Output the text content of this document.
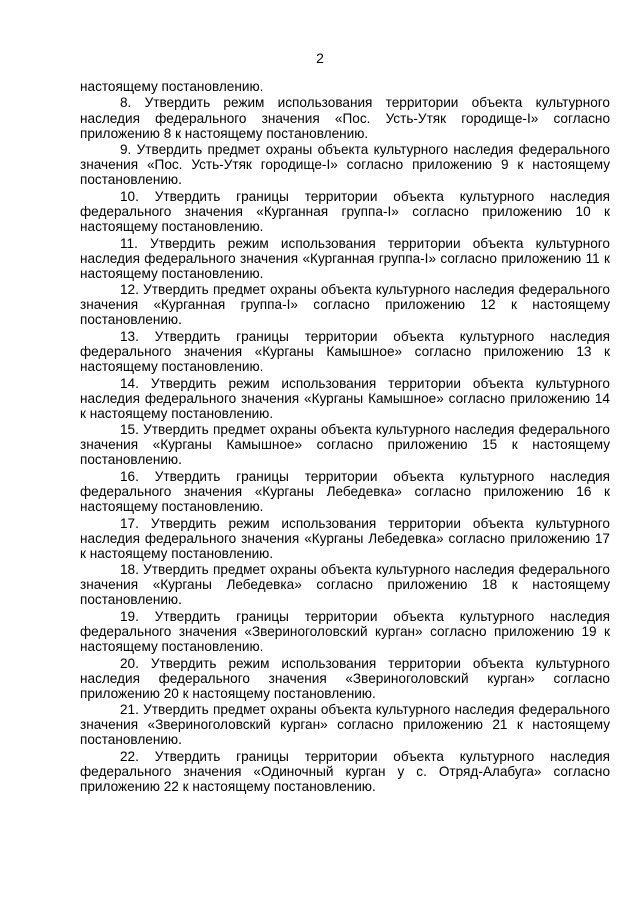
2

настоящему постановлению.

8. Утвердить режим использования территории объекта культурного наследия федерального значения «Пос. Усть-Утяк городище-I» согласно приложению 8 к настоящему постановлению.

9. Утвердить предмет охраны объекта культурного наследия федерального значения «Пос. Усть-Утяк городище-I» согласно приложению 9 к настоящему постановлению.

10. Утвердить границы территории объекта культурного наследия федерального значения «Курганная группа-I» согласно приложению 10 к настоящему постановлению.

11. Утвердить режим использования территории объекта культурного наследия федерального значения «Курганная группа-I» согласно приложению 11 к настоящему постановлению.

12. Утвердить предмет охраны объекта культурного наследия федерального значения «Курганная группа-I» согласно приложению 12 к настоящему постановлению.

13. Утвердить границы территории объекта культурного наследия федерального значения «Курганы Камышное» согласно приложению 13 к настоящему постановлению.

14. Утвердить режим использования территории объекта культурного наследия федерального значения «Курганы Камышное» согласно приложению 14 к настоящему постановлению.

15. Утвердить предмет охраны объекта культурного наследия федерального значения «Курганы Камышное» согласно приложению 15 к настоящему постановлению.

16. Утвердить границы территории объекта культурного наследия федерального значения «Курганы Лебедевка» согласно приложению 16 к настоящему постановлению.

17. Утвердить режим использования территории объекта культурного наследия федерального значения «Курганы Лебедевка» согласно приложению 17 к настоящему постановлению.

18. Утвердить предмет охраны объекта культурного наследия федерального значения «Курганы Лебедевка» согласно приложению 18 к настоящему постановлению.

19. Утвердить границы территории объекта культурного наследия федерального значения «Звериноголовский курган» согласно приложению 19 к настоящему постановлению.

20. Утвердить режим использования территории объекта культурного наследия федерального значения «Звериноголовский курган» согласно приложению 20 к настоящему постановлению.

21. Утвердить предмет охраны объекта культурного наследия федерального значения «Звериноголовский курган» согласно приложению 21 к настоящему постановлению.

22. Утвердить границы территории объекта культурного наследия федерального значения «Одиночный курган у с. Отряд-Алабуга» согласно приложению 22 к настоящему постановлению.
